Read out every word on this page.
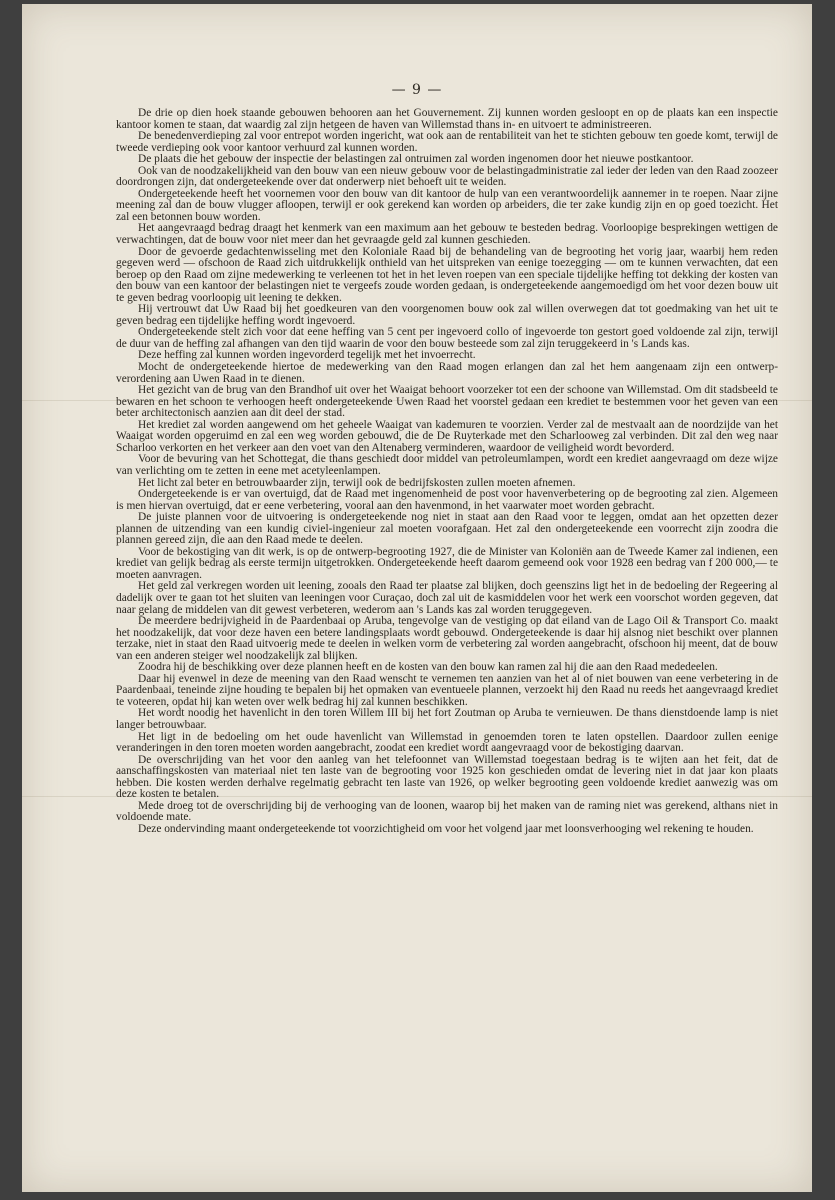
— 9 —

De drie op dien hoek staande gebouwen behooren aan het Gouvernement. Zij kunnen worden gesloopt en op de plaats kan een inspectie kantoor komen te staan, dat waardig zal zijn hetgeen de haven van Willemstad thans in- en uitvoert te administreeren.

De benedenverdieping zal voor entrepot worden ingericht, wat ook aan de rentabiliteit van het te stichten gebouw ten goede komt, terwijl de tweede verdieping ook voor kantoor verhuurd zal kunnen worden.

De plaats die het gebouw der inspectie der belastingen zal ontruimen zal worden ingenomen door het nieuwe postkantoor.

Ook van de noodzakelijkheid van den bouw van een nieuw gebouw voor de belastingadministratie zal ieder der leden van den Raad zoozeer doordrongen zijn, dat ondergeteekende over dat onderwerp niet behoeft uit te weiden.

Ondergeteekende heeft het voornemen voor den bouw van dit kantoor de hulp van een verantwoordelijk aannemer in te roepen. Naar zijne meening zal dan de bouw vlugger afloopen, terwijl er ook gerekend kan worden op arbeiders, die ter zake kundig zijn en op goed toezicht. Het zal een betonnen bouw worden.

Het aangevraagd bedrag draagt het kenmerk van een maximum aan het gebouw te besteden bedrag. Voorloopige besprekingen wettigen de verwachtingen, dat de bouw voor niet meer dan het gevraagde geld zal kunnen geschieden.

Door de gevoerde gedachtenwisseling met den Koloniale Raad bij de behandeling van de begrooting het vorig jaar, waarbij hem reden gegeven werd — ofschoon de Raad zich uitdrukkelijk onthield van het uitspreken van eenige toezegging — om te kunnen verwachten, dat een beroep op den Raad om zijne medewerking te verleenen tot het in het leven roepen van een speciale tijdelijke heffing tot dekking der kosten van den bouw van een kantoor der belastingen niet te vergeefs zoude worden gedaan, is ondergeteekende aangemoedigd om het voor dezen bouw uit te geven bedrag voorloopig uit leening te dekken.

Hij vertrouwt dat Uw Raad bij het goedkeuren van den voorgenomen bouw ook zal willen overwegen dat tot goedmaking van het uit te geven bedrag een tijdelijke heffing wordt ingevoerd.

Ondergeteekende stelt zich voor dat eene heffing van 5 cent per ingevoerd collo of ingevoerde ton gestort goed voldoende zal zijn, terwijl de duur van de heffing zal afhangen van den tijd waarin de voor den bouw besteede som zal zijn teruggekeerd in 's Lands kas.

Deze heffing zal kunnen worden ingevorderd tegelijk met het invoerrecht.

Mocht de ondergeteekende hiertoe de medewerking van den Raad mogen erlangen dan zal het hem aangenaam zijn een ontwerp-verordening aan Uwen Raad in te dienen.

Het gezicht van de brug van den Brandhof uit over het Waaigat behoort voorzeker tot een der schoone van Willemstad. Om dit stadsbeeld te bewaren en het schoon te verhoogen heeft ondergeteekende Uwen Raad het voorstel gedaan een krediet te bestemmen voor het geven van een beter architectonisch aanzien aan dit deel der stad.

Het krediet zal worden aangewend om het geheele Waaigat van kademuren te voorzien. Verder zal de mestvaalt aan de noordzijde van het Waaigat worden opgeruimd en zal een weg worden gebouwd, die de De Ruyterkade met den Scharlooweg zal verbinden. Dit zal den weg naar Scharloo verkorten en het verkeer aan den voet van den Altenaberg verminderen, waardoor de veiligheid wordt bevorderd.

Voor de bevuring van het Schottegat, die thans geschiedt door middel van petroleumlampen, wordt een krediet aangevraagd om deze wijze van verlichting om te zetten in eene met acetyleenlampen.

Het licht zal beter en betrouwbaarder zijn, terwijl ook de bedrijfskosten zullen moeten afnemen.

Ondergeteekende is er van overtuigd, dat de Raad met ingenomenheid de post voor havenverbetering op de begrooting zal zien. Algemeen is men hiervan overtuigd, dat er eene verbetering, vooral aan den havenmond, in het vaarwater moet worden gebracht.

De juiste plannen voor de uitvoering is ondergeteekende nog niet in staat aan den Raad voor te leggen, omdat aan het opzetten dezer plannen de uitzending van een kundig civiel-ingenieur zal moeten voorafgaan. Het zal den ondergeteekende een voorrecht zijn zoodra die plannen gereed zijn, die aan den Raad mede te deelen.

Voor de bekostiging van dit werk, is op de ontwerp-begrooting 1927, die de Minister van Koloniën aan de Tweede Kamer zal indienen, een krediet van gelijk bedrag als eerste termijn uitgetrokken. Ondergeteekende heeft daarom gemeend ook voor 1928 een bedrag van f 200 000,— te moeten aanvragen.

Het geld zal verkregen worden uit leening, zooals den Raad ter plaatse zal blijken, doch geenszins ligt het in de bedoeling der Regeering al dadelijk over te gaan tot het sluiten van leeningen voor Curaçao, doch zal uit de kasmiddelen voor het werk een voorschot worden gegeven, dat naar gelang de middelen van dit gewest verbeteren, wederom aan 's Lands kas zal worden teruggegeven.

De meerdere bedrijvigheid in de Paardenbaai op Aruba, tengevolge van de vestiging op dat eiland van de Lago Oil & Transport Co. maakt het noodzakelijk, dat voor deze haven een betere landingsplaats wordt gebouwd. Ondergeteekende is daar hij alsnog niet beschikt over plannen terzake, niet in staat den Raad uitvoerig mede te deelen in welken vorm de verbetering zal worden aangebracht, ofschoon hij meent, dat de bouw van een anderen steiger wel noodzakelijk zal blijken.

Zoodra hij de beschikking over deze plannen heeft en de kosten van den bouw kan ramen zal hij die aan den Raad mededeelen.

Daar hij evenwel in deze de meening van den Raad wenscht te vernemen ten aanzien van het al of niet bouwen van eene verbetering in de Paardenbaai, teneinde zijne houding te bepalen bij het opmaken van eventueele plannen, verzoekt hij den Raad nu reeds het aangevraagd krediet te voteeren, opdat hij kan weten over welk bedrag hij zal kunnen beschikken.

Het wordt noodig het havenlicht in den toren Willem III bij het fort Zoutman op Aruba te vernieuwen. De thans dienstdoende lamp is niet langer betrouwbaar.

Het ligt in de bedoeling om het oude havenlicht van Willemstad in genoemden toren te laten opstellen. Daardoor zullen eenige veranderingen in den toren moeten worden aangebracht, zoodat een krediet wordt aangevraagd voor de bekostiging daarvan.

De overschrijding van het voor den aanleg van het telefoonnet van Willemstad toegestaan bedrag is te wijten aan het feit, dat de aanschaffingskosten van materiaal niet ten laste van de begrooting voor 1925 kon geschieden omdat de levering niet in dat jaar kon plaats hebben. Die kosten werden derhalve regelmatig gebracht ten laste van 1926, op welker begrooting geen voldoende krediet aanwezig was om deze kosten te betalen.

Mede droeg tot de overschrijding bij de verhooging van de loonen, waarop bij het maken van de raming niet was gerekend, althans niet in voldoende mate.

Deze ondervinding maant ondergeteekende tot voorzichtigheid om voor het volgend jaar met loonsverhooging wel rekening te houden.
